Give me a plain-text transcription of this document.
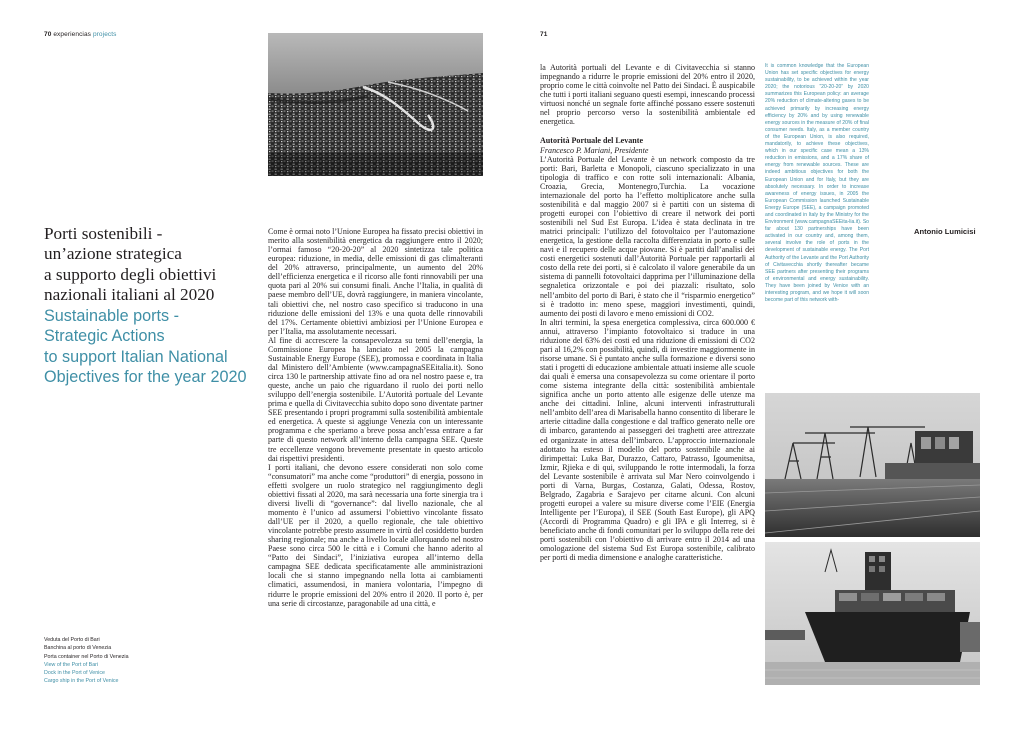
70 experiencias projects	71
Porti sostenibili -
un’azione strategica
a supporto degli obiettivi
nazionali italiani al 2020
Sustainable ports -
Strategic Actions
to support Italian National
Objectives for the year 2020
Veduta del Porto di Bari
Banchina al porto di Venezia
Porta container nel Porto di Venezia
View of the Port of Bari
Dock in the Port of Venice
Cargo ship in the Port of Venice

Come è ormai noto l’Unione Europea ha fissato precisi obiettivi in merito alla sostenibilità energetica da raggiungere entro il 2020; l’ormai famoso “20-20-20” al 2020 sintetizza tale politica europea: riduzione, in media, delle emissioni di gas climalteranti del 20% attraverso, principalmente, un aumento del 20% dell’efficienza energetica e il ricorso alle fonti rinnovabili per una quota pari al 20% sui consumi finali. Anche l’Italia, in qualità di paese membro dell’UE, dovrà raggiungere, in maniera vincolante, tali obiettivi che, nel nostro caso specifico si traducono in una riduzione delle emissioni del 13% e una quota delle rinnovabili del 17%. Certamente obiettivi ambiziosi per l’Unione Europea e per l’Italia, ma assolutamente necessari.

Al fine di accrescere la consapevolezza su temi dell’energia, la Commissione Europea ha lanciato nel 2005 la campagna Sustainable Energy Europe (SEE), promossa e coordinata in Italia dal Ministero dell’Ambiente (www.campagnaSEEitalia.it). Sono circa 130 le partnership attivate fino ad ora nel nostro paese e, tra queste, anche un paio che riguardano il ruolo dei porti nello sviluppo dell’energia sostenibile. L’Autorità portuale del Levante prima e quella di Civitavecchia subito dopo sono diventate partner SEE presentando i propri programmi sulla sostenibilità ambientale ed energetica. A queste si aggiunge Venezia con un interessante programma e che speriamo a breve possa anch’essa entrare a far parte di questo network all’interno della campagna SEE. Queste tre eccellenze vengono brevemente presentate in questo articolo dai rispettivi presidenti.

I porti italiani, che devono essere considerati non solo come “consumatori” ma anche come “produttori” di energia, possono in effetti svolgere un ruolo strategico nel raggiungimento degli obiettivi fissati al 2020, ma sarà necessaria una forte sinergia tra i diversi livelli di “governance”: dal livello nazionale, che al momento è l’unico ad assumersi l’obiettivo vincolante fissato dall’UE per il 2020, a quello regionale, che tale obiettivo vincolante potrebbe presto assumere in virtù del cosiddetto burden sharing regionale; ma anche a livello locale allorquando nel nostro Paese sono circa 500 le città e i Comuni che hanno aderito al “Patto dei Sindaci”, l’iniziativa europea all’interno della campagna SEE dedicata specificatamente alle amministrazioni locali che si stanno impegnando nella lotta ai cambiamenti climatici, assumendosi, in maniera volontaria, l’impegno di ridurre le proprie emissioni del 20% entro il 2020. Il porto è, per una serie di circostanze, paragonabile ad una città, e

la Autorità portuali del Levante e di Civitavecchia si stanno impegnando a ridurre le proprie emissioni del 20% entro il 2020, proprio come le città coinvolte nel Patto dei Sindaci. È auspicabile che tutti i porti italiani seguano questi esempi, innescando processi virtuosi nonché un segnale forte affinché possano essere sostenuti nel proprio percorso verso la sostenibilità ambientale ed energetica.

Autorità Portuale del Levante

Francesco P. Mariani, Presidente

L’Autorità Portuale del Levante è un network composto da tre porti: Bari, Barletta e Monopoli, ciascuno specializzato in una tipologia di traffico e con rotte soli internazionali: Albania, Croazia, Grecia, Montenegro,Turchia. La vocazione internazionale del porto ha l’effetto moltiplicatore anche sulla sostenibilità e dal maggio 2007 si è partiti con un sistema di progetti europei con l’obiettivo di creare il network dei porti sostenibili nel Sud Est Europa. L’idea è stata declinata in tre matrici principali: l’utilizzo del fotovoltaico per l’automazione energetica, la gestione della raccolta differenziata in porto e sulle navi e il recupero delle acque piovane. Si è partiti dall’analisi dei costi energetici sostenuti dall’Autorità Portuale per rapportarli al costo della rete dei porti, si è calcolato il valore generabile da un sistema di pannelli fotovoltaici dapprima per l’illuminazione della segnaletica orizzontale e poi dei piazzali: risultato, solo nell’ambito del porto di Bari, è stato che il “risparmio energetico” si è tradotto in: meno spese, maggiori investimenti, quindi, aumento dei posti di lavoro e meno emissioni di CO2.

In altri termini, la spesa energetica complessiva, circa 600.000 € annui, attraverso l’impianto fotovoltaico si traduce in una riduzione del 63% dei costi ed una riduzione di emissioni di CO2 pari al 16,2% con possibilità, quindi, di investire maggiormente in risorse umane. Si è puntato anche sulla formazione e diversi sono stati i progetti di educazione ambientale attuati insieme alle scuole dai quali è emersa una consapevolezza su come orientare il porto come sistema integrante della città: sostenibilità ambientale significa anche un porto attento alle esigenze delle utenze ma anche dei cittadini. Inline, alcuni interventi infrastrutturali nell’ambito dell’area di Marisabella hanno consentito di liberare le arterie cittadine dalla congestione e dal traffico generato nelle ore di imbarco, garantendo ai passeggeri dei traghetti aree attrezzate ed organizzate in attesa dell’imbarco. L’approccio internazionale adottato ha esteso il modello del porto sostenibile anche ai dirimpettai: Luka Bar, Durazzo, Cattaro, Patrasso, Igoumenitsa, Izmir, Rjieka e di qui, sviluppando le rotte intermodali, la forza del Levante sostenibile è arrivata sul Mar Nero coinvolgendo i porti di Varna, Burgas, Costanza, Galati, Odessa, Rostov, Belgrado, Zagabria e Sarajevo per citarne alcuni. Con alcuni progetti europei a valere su misure diverse come l’EIE (Energia Intelligente per l’Europa), il SEE (South East Europe), gli APQ (Accordi di Programma Quadro) e gli IPA e gli Interreg, si è beneficiato anche di fondi comunitari per lo sviluppo della rete dei porti sostenibili con l’obiettivo di arrivare entro il 2014 ad una omologazione del sistema Sud Est Europa sostenibile, calibrato per porti di media dimensione e analoghe caratteristiche.

It is common knowledge that the European Union has set specific objectives for energy sustainability, to be achieved within the year 2020; the notorious “20-20-20” by 2020 summarizes this European policy: an average 20% reduction of climate-altering gases to be achieved primarily by increasing energy efficiency by 20% and by using renewable energy sources in the measure of 20% of final consumer needs. Italy, as a member country of the European Union, is also required, mandatorily, to achieve these objectives, which in our specific case mean a 13% reduction in emissions, and a 17% share of energy from renewable sources. These are indeed ambitious objectives for both the European Union and for Italy, but they are absolutely necessary. In order to increase awareness of energy issues, in 2005 the European Commission launched Sustainable Energy Europe (SEE), a campaign promoted and coordinated in Italy by the Ministry for the Environment (www.campagnaSEEita-lia.it). So far about 130 partnerships have been activated in our country and, among them, several involve the role of ports in the development of sustainable energy. The Port Authority of the Levante and the Port Authority of Civitavecchia shortly thereafter became SEE partners after presenting their programs of environmental and energy sustainability. They have been joined by Venice with an interesting program, and we hope it will soon become part of this network with-
Antonio Lumicisi
